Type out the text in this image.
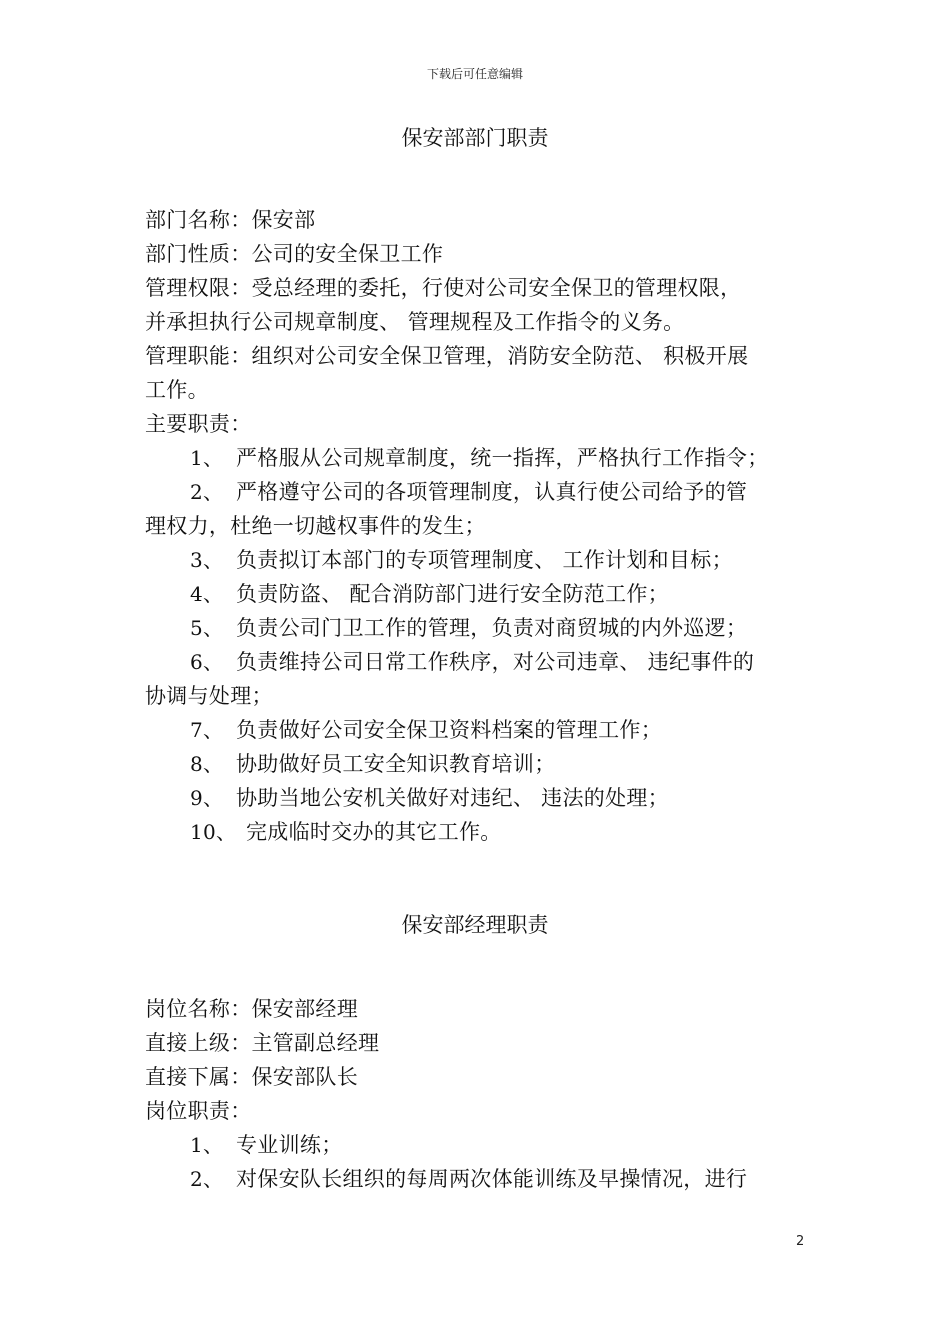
下载后可任意编辑
保安部部门职责
部门名称：保安部
部门性质：公司的安全保卫工作
管理权限：受总经理的委托，行使对公司安全保卫的管理权限，
并承担执行公司规章制度、 管理规程及工作指令的义务。
管理职能：组织对公司安全保卫管理，消防安全防范、 积极开展
工作。
主要职责：
1、 严格服从公司规章制度，统一指挥，严格执行工作指令；
2、 严格遵守公司的各项管理制度，认真行使公司给予的管
理权力，杜绝一切越权事件的发生；
3、 负责拟订本部门的专项管理制度、 工作计划和目标；
4、 负责防盗、 配合消防部门进行安全防范工作；
5、 负责公司门卫工作的管理，负责对商贸城的内外巡逻；
6、 负责维持公司日常工作秩序，对公司违章、 违纪事件的
协调与处理；
7、 负责做好公司安全保卫资料档案的管理工作；
8、 协助做好员工安全知识教育培训；
9、 协助当地公安机关做好对违纪、 违法的处理；
10、 完成临时交办的其它工作。
保安部经理职责
岗位名称：保安部经理
直接上级：主管副总经理
直接下属：保安部队长
岗位职责：
1、 专业训练；
2、 对保安队长组织的每周两次体能训练及早操情况，进行
2
